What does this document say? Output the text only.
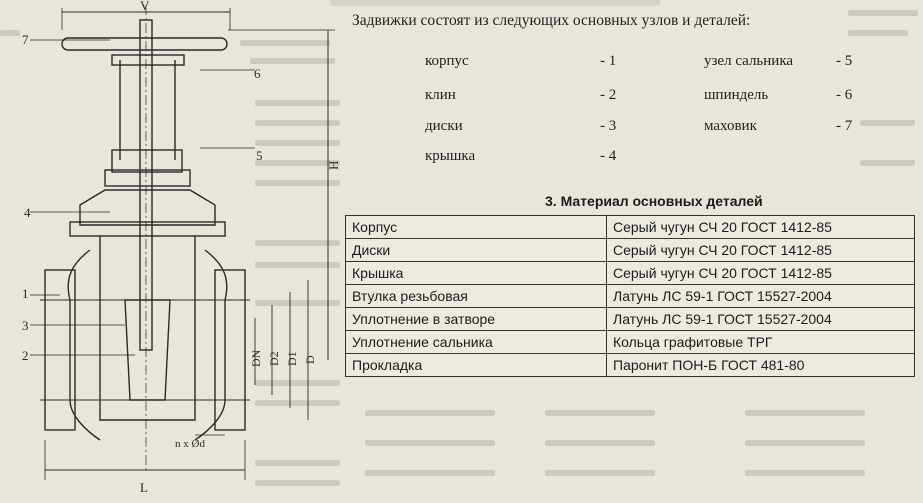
V
7
6
5
4
1
3
2
L
n x Ød
H
DN D2 D1 D
Задвижки состоят из следующих основных узлов и деталей:
корпус	- 1
клин	- 2
диски	- 3
крышка	- 4
узел сальника	- 5
шпиндель	- 6
маховик	- 7
3. Материал основных деталей
Корпус	Серый чугун СЧ 20 ГОСТ 1412-85
Диски	Серый чугун СЧ 20 ГОСТ 1412-85
Крышка	Серый чугун СЧ 20 ГОСТ 1412-85
Втулка резьбовая	Латунь ЛС 59-1 ГОСТ 15527-2004
Уплотнение в затворе	Латунь ЛС 59-1 ГОСТ 15527-2004
Уплотнение сальника	Кольца графитовые ТРГ
Прокладка	Паронит ПОН-Б ГОСТ 481-80
